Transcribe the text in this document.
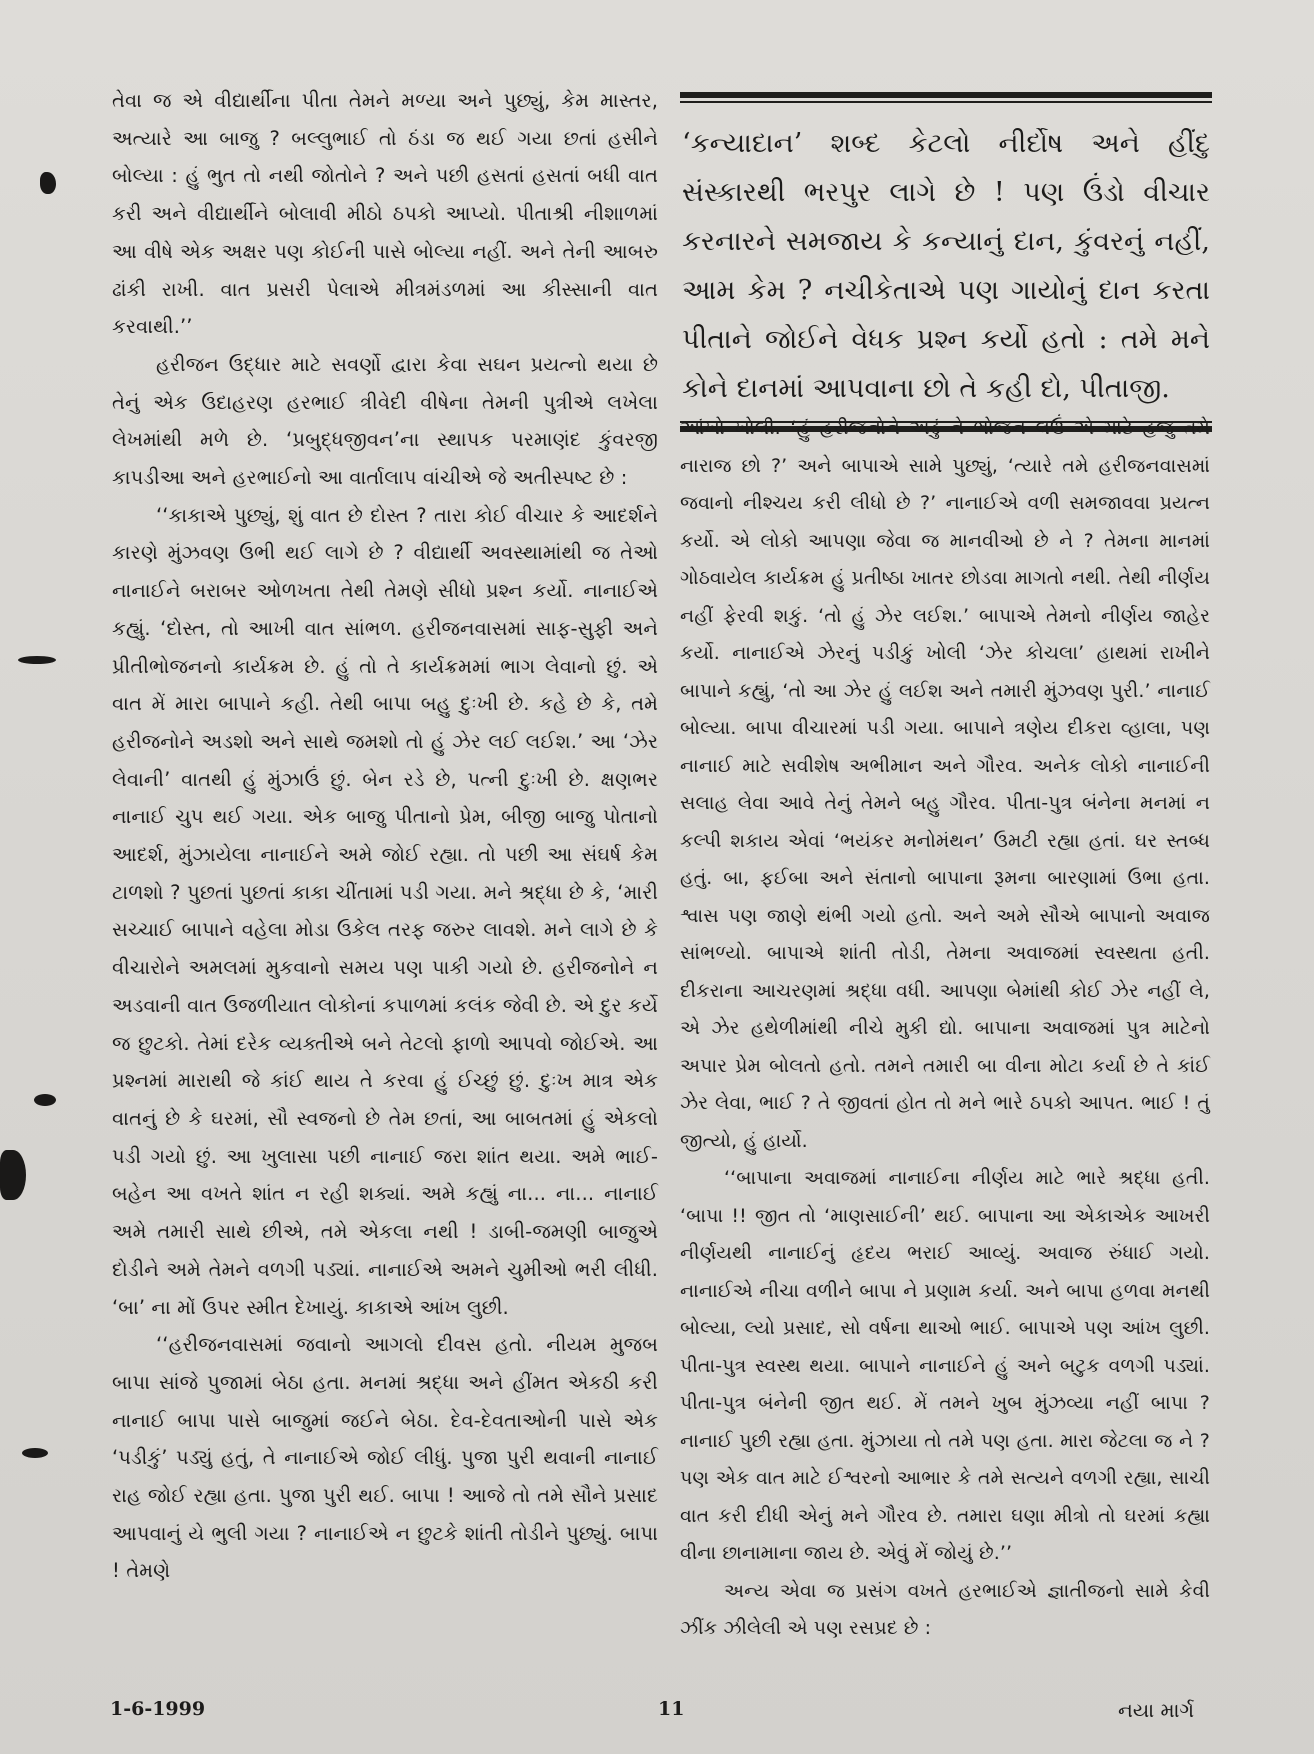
તેવા જ એ વીદ્યાર્થીના પીતા તેમને મળ્યા અને પુછ્યું, કેમ માસ્તર, અત્યારે આ બાજુ ? બલ્લુભાઈ તો ઠંડા જ થઈ ગયા છતાં હસીને બોલ્યા : હું ભુત તો નથી જોતોને ? અને પછી હસતાં હસતાં બધી વાત કરી અને વીદ્યાર્થીને બોલાવી મીઠો ઠપકો આપ્યો. પીતાશ્રી નીશાળમાં આ વીષે એક અક્ષર પણ કોઈની પાસે બોલ્યા નહીં. અને તેની આબરુ ઢાંકી રાખી. વાત પ્રસરી પેલાએ મીત્રમંડળમાં આ કીસ્સાની વાત કરવાથી.’’

હરીજન ઉદ્ધાર માટે સવર્ણો દ્વારા કેવા સઘન પ્રયત્નો થયા છે તેનું એક ઉદાહરણ હરભાઈ ત્રીવેદી વીષેના તેમની પુત્રીએ લખેલા લેખમાંથી મળે છે. ‘પ્રબુદ્ધજીવન’ના સ્થાપક પરમાણંદ કુંવરજી કાપડીઆ અને હરભાઈનો આ વાર્તાલાપ વાંચીએ જે અતીસ્પષ્ટ છે :

‘‘કાકાએ પુછ્યું, શું વાત છે દોસ્ત ? તારા કોઈ વીચાર કે આદર્શને કારણે મુંઝવણ ઉભી થઈ લાગે છે ? વીદ્યાર્થી અવસ્થામાંથી જ તેઓ નાનાઈને બરાબર ઓળખતા તેથી તેમણે સીધો પ્રશ્ન કર્યો. નાનાઈએ કહ્યું. ‘દોસ્ત, તો આખી વાત સાંભળ. હરીજનવાસમાં સાફ-સુફી અને પ્રીતીભોજનનો કાર્યક્રમ છે. હું તો તે કાર્યક્રમમાં ભાગ લેવાનો છું. એ વાત મેં મારા બાપાને કહી. તેથી બાપા બહુ દુઃખી છે. કહે છે કે, તમે હરીજનોને અડશો અને સાથે જમશો તો હું ઝેર લઈ લઈશ.’ આ ‘ઝેર લેવાની’ વાતથી હું મુંઝાઉં છું. બેન રડે છે, પત્ની દુઃખી છે. ક્ષણભર નાનાઈ ચુપ થઈ ગયા. એક બાજુ પીતાનો પ્રેમ, બીજી બાજુ પોતાનો આદર્શ, મુંઝાયેલા નાનાઈને અમે જોઈ રહ્યા. તો પછી આ સંઘર્ષ કેમ ટાળશો ? પુછતાં પુછતાં કાકા ચીંતામાં પડી ગયા. મને શ્રદ્ધા છે કે, ‘મારી સચ્ચાઈ બાપાને વહેલા મોડા ઉકેલ તરફ જરુર લાવશે. મને લાગે છે કે વીચારોને અમલમાં મુકવાનો સમય પણ પાકી ગયો છે. હરીજનોને ન અડવાની વાત ઉજળીયાત લોકોનાં કપાળમાં કલંક જેવી છે. એ દુર કર્યે જ છુટકો. તેમાં દરેક વ્યક્તીએ બને તેટલો ફાળો આપવો જોઈએ. આ પ્રશ્નમાં મારાથી જે કાંઈ થાય તે કરવા હું ઈચ્છું છું. દુઃખ માત્ર એક વાતનું છે કે ઘરમાં, સૌ સ્વજનો છે તેમ છતાં, આ બાબતમાં હું એકલો પડી ગયો છું. આ ખુલાસા પછી નાનાઈ જરા શાંત થયા. અમે ભાઈ-બહેન આ વખતે શાંત ન રહી શક્યાં. અમે કહ્યું ના... ના... નાનાઈ અમે તમારી સાથે છીએ, તમે એકલા નથી ! ડાબી-જમણી બાજુએ દોડીને અમે તેમને વળગી પડ્યાં. નાનાઈએ અમને ચુમીઓ ભરી લીધી. ‘બા’ ના મોં ઉપર સ્મીત દેખાયું. કાકાએ આંખ લુછી.

‘‘હરીજનવાસમાં જવાનો આગલો દીવસ હતો. નીયમ મુજબ બાપા સાંજે પુજામાં બેઠા હતા. મનમાં શ્રદ્ધા અને હીંમત એકઠી કરી નાનાઈ બાપા પાસે બાજુમાં જઈને બેઠા. દેવ-દેવતાઓની પાસે એક ‘પડીકું’ પડ્યું હતું, તે નાનાઈએ જોઈ લીધું. પુજા પુરી થવાની નાનાઈ રાહ જોઈ રહ્યા હતા. પુજા પુરી થઈ. બાપા ! આજે તો તમે સૌને પ્રસાદ આપવાનું યે ભુલી ગયા ? નાનાઈએ ન છુટકે શાંતી તોડીને પુછ્યું. બાપા ! તેમણે

‘કન્યાદાન’ શબ્દ કેટલો નીર્દોષ અને હીંદુ સંસ્કારથી ભરપુર લાગે છે ! પણ ઉંડો વીચાર કરનારને સમજાય કે કન્યાનું દાન, કુંવરનું નહીં, આમ કેમ ? નચીકેતાએ પણ ગાયોનું દાન કરતા પીતાને જોઈને વેધક પ્રશ્ન કર્યો હતો : તમે મને કોને દાનમાં આપવાના છો તે કહી દો, પીતાજી.

આંખો ખોલી. ‘હું હરીજનોને અડું ને ભોજન લઉં એ માટે હજુ તમે નારાજ છો ?’ અને બાપાએ સામે પુછ્યું, ‘ત્યારે તમે હરીજનવાસમાં જવાનો નીશ્ચય કરી લીધો છે ?’ નાનાઈએ વળી સમજાવવા પ્રયત્ન કર્યો. એ લોકો આપણા જેવા જ માનવીઓ છે ને ? તેમના માનમાં ગોઠવાયેલ કાર્યક્રમ હું પ્રતીષ્ઠા ખાતર છોડવા માગતો નથી. તેથી નીર્ણય નહીં ફેરવી શકું. ‘તો હું ઝેર લઈશ.’ બાપાએ તેમનો નીર્ણય જાહેર કર્યો. નાનાઈએ ઝેરનું પડીકું ખોલી ‘ઝેર કોચલા’ હાથમાં રાખીને બાપાને કહ્યું, ‘તો આ ઝેર હું લઈશ અને તમારી મુંઝવણ પુરી.’ નાનાઈ બોલ્યા. બાપા વીચારમાં પડી ગયા. બાપાને ત્રણેય દીકરા વ્હાલા, પણ નાનાઈ માટે સવીશેષ અભીમાન અને ગૌરવ. અનેક લોકો નાનાઈની સલાહ લેવા આવે તેનું તેમને બહુ ગૌરવ. પીતા-પુત્ર બંનેના મનમાં ન કલ્પી શકાય એવાં ‘ભયંકર મનોમંથન’ ઉમટી રહ્યા હતાં. ઘર સ્તબ્ધ હતું. બા, ફઈબા અને સંતાનો બાપાના રૂમના બારણામાં ઉભા હતા. શ્વાસ પણ જાણે થંભી ગયો હતો. અને અમે સૌએ બાપાનો અવાજ સાંભળ્યો. બાપાએ શાંતી તોડી, તેમના અવાજમાં સ્વસ્થતા હતી. દીકરાના આચરણમાં શ્રદ્ધા વધી. આપણા બેમાંથી કોઈ ઝેર નહીં લે, એ ઝેર હથેળીમાંથી નીચે મુકી દ્યો. બાપાના અવાજમાં પુત્ર માટેનો અપાર પ્રેમ બોલતો હતો. તમને તમારી બા વીના મોટા કર્યા છે તે કાંઈ ઝેર લેવા, ભાઈ ? તે જીવતાં હોત તો મને ભારે ઠપકો આપત. ભાઈ ! તું જીત્યો, હું હાર્યો.

‘‘બાપાના અવાજમાં નાનાઈના નીર્ણય માટે ભારે શ્રદ્ધા હતી. ‘બાપા !! જીત તો ‘માણસાઈની’ થઈ. બાપાના આ એકાએક આખરી નીર્ણયથી નાનાઈનું હૃદય ભરાઈ આવ્યું. અવાજ રુંધાઈ ગયો. નાનાઈએ નીચા વળીને બાપા ને પ્રણામ કર્યા. અને બાપા હળવા મનથી બોલ્યા, લ્યો પ્રસાદ, સો વર્ષના થાઓ ભાઈ. બાપાએ પણ આંખ લુછી. પીતા-પુત્ર સ્વસ્થ થયા. બાપાને નાનાઈને હું અને બટુક વળગી પડ્યાં. પીતા-પુત્ર બંનેની જીત થઈ. મેં તમને ખુબ મુંઝવ્યા નહીં બાપા ? નાનાઈ પુછી રહ્યા હતા. મુંઝાયા તો તમે પણ હતા. મારા જેટલા જ ને ? પણ એક વાત માટે ઈશ્વરનો આભાર કે તમે સત્યને વળગી રહ્યા, સાચી વાત કરી દીધી એનું મને ગૌરવ છે. તમારા ઘણા મીત્રો તો ઘરમાં કહ્યા વીના છાનામાના જાય છે. એવું મેં જોયું છે.’’

અન્ય એવા જ પ્રસંગ વખતે હરભાઈએ જ્ઞાતીજનો સામે કેવી ઝીંક ઝીલેલી એ પણ રસપ્રદ છે :

1-6-1999	11	નયા માર્ગ
